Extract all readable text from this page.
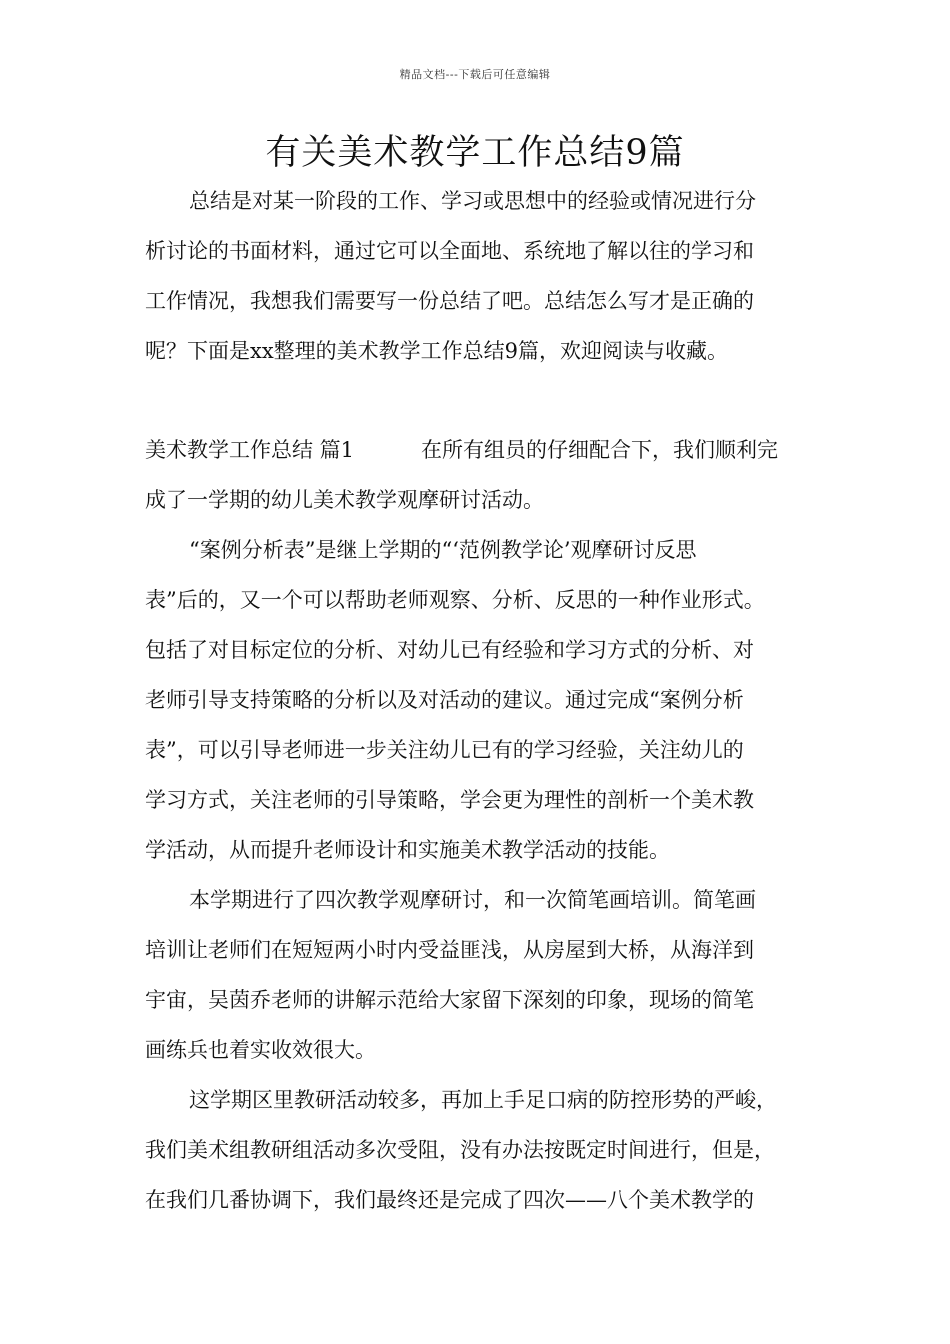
精品文档---下载后可任意编辑
有关美术教学工作总结9篇
总结是对某一阶段的工作、学习或思想中的经验或情况进行分
析讨论的书面材料，通过它可以全面地、系统地了解以往的学习和
工作情况，我想我们需要写一份总结了吧。总结怎么写才是正确的
呢？下面是xx整理的美术教学工作总结9篇，欢迎阅读与收藏。
美术教学工作总结 篇1	在所有组员的仔细配合下，我们顺利完
成了一学期的幼儿美术教学观摩研讨活动。
“案例分析表”是继上学期的“‘范例教学论’观摩研讨反思
表”后的，又一个可以帮助老师观察、分析、反思的一种作业形式。
包括了对目标定位的分析、对幼儿已有经验和学习方式的分析、对
老师引导支持策略的分析以及对活动的建议。通过完成“案例分析
表”，可以引导老师进一步关注幼儿已有的学习经验，关注幼儿的
学习方式，关注老师的引导策略，学会更为理性的剖析一个美术教
学活动，从而提升老师设计和实施美术教学活动的技能。
本学期进行了四次教学观摩研讨，和一次简笔画培训。简笔画
培训让老师们在短短两小时内受益匪浅，从房屋到大桥，从海洋到
宇宙，吴茵乔老师的讲解示范给大家留下深刻的印象，现场的简笔
画练兵也着实收效很大。
这学期区里教研活动较多，再加上手足口病的防控形势的严峻，
我们美术组教研组活动多次受阻，没有办法按既定时间进行，但是，
在我们几番协调下，我们最终还是完成了四次——八个美术教学的
